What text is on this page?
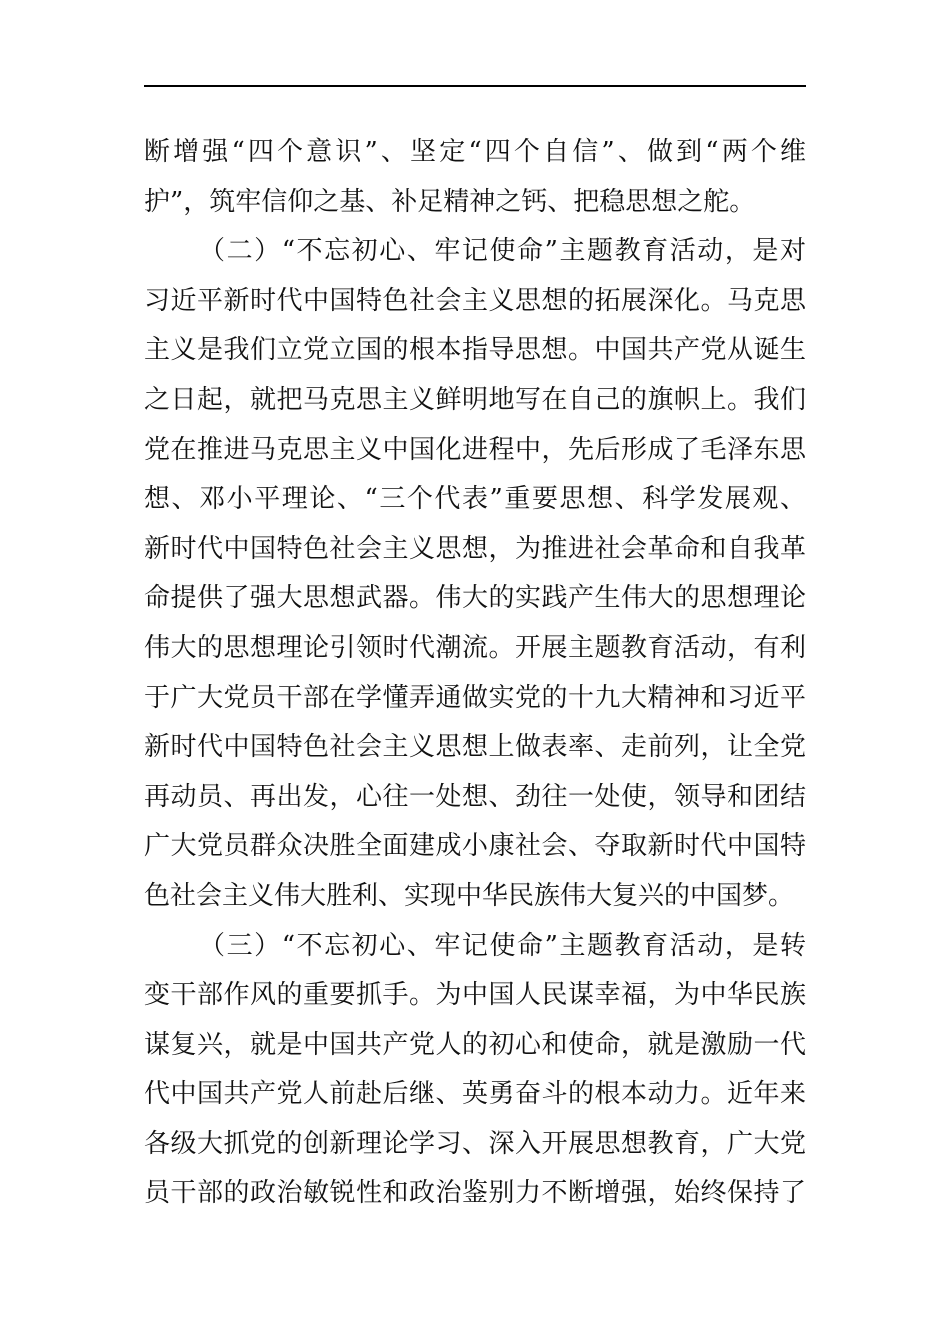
断增强“四个意识”、坚定“四个自信”、做到“两个维
护”，筑牢信仰之基、补足精神之钙、把稳思想之舵。
（二）“不忘初心、牢记使命”主题教育活动，是对
习近平新时代中国特色社会主义思想的拓展深化。马克思
主义是我们立党立国的根本指导思想。中国共产党从诞生
之日起，就把马克思主义鲜明地写在自己的旗帜上。我们
党在推进马克思主义中国化进程中，先后形成了毛泽东思
想、邓小平理论、“三个代表”重要思想、科学发展观、
新时代中国特色社会主义思想，为推进社会革命和自我革
命提供了强大思想武器。伟大的实践产生伟大的思想理论
伟大的思想理论引领时代潮流。开展主题教育活动，有利
于广大党员干部在学懂弄通做实党的十九大精神和习近平
新时代中国特色社会主义思想上做表率、走前列，让全党
再动员、再出发，心往一处想、劲往一处使，领导和团结
广大党员群众决胜全面建成小康社会、夺取新时代中国特
色社会主义伟大胜利、实现中华民族伟大复兴的中国梦。
（三）“不忘初心、牢记使命”主题教育活动，是转
变干部作风的重要抓手。为中国人民谋幸福，为中华民族
谋复兴，就是中国共产党人的初心和使命，就是激励一代
代中国共产党人前赴后继、英勇奋斗的根本动力。近年来
各级大抓党的创新理论学习、深入开展思想教育，广大党
员干部的政治敏锐性和政治鉴别力不断增强，始终保持了
